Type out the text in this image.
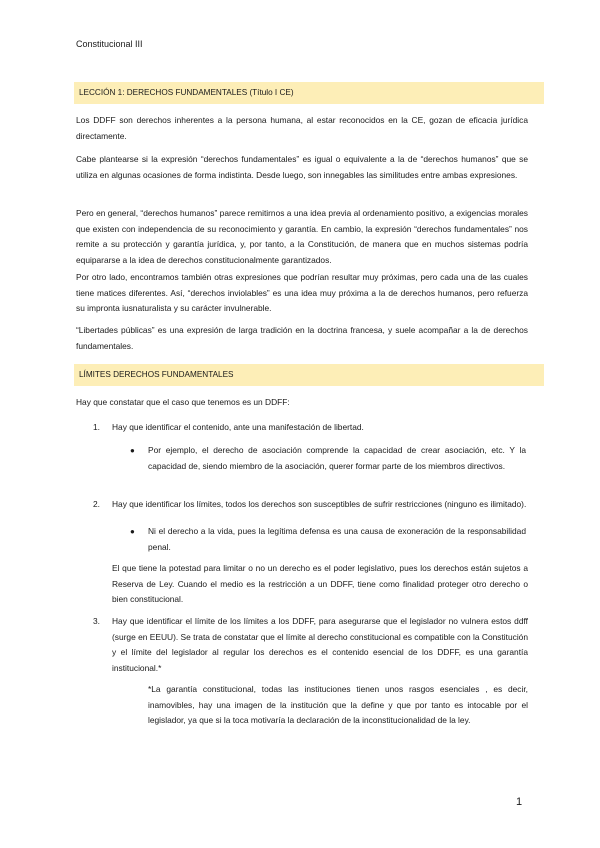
Constitucional III
LECCIÓN 1: DERECHOS FUNDAMENTALES (Título I CE)

Los DDFF son derechos inherentes a la persona humana, al estar reconocidos en la CE, gozan de eficacia jurídica directamente.

Cabe plantearse si la expresión “derechos fundamentales” es igual o equivalente a la de “derechos humanos” que se utiliza en algunas ocasiones de forma indistinta. Desde luego, son innegables las similitudes entre ambas expresiones.

Pero en general, “derechos humanos” parece remitirnos a una idea previa al ordenamiento positivo, a exigencias morales que existen con independencia de su reconocimiento y garantía. En cambio, la expresión “derechos fundamentales” nos remite a su protección y garantía jurídica, y, por tanto, a la Constitución, de manera que en muchos sistemas podría equipararse a la idea de derechos constitucionalmente garantizados.

Por otro lado, encontramos también otras expresiones que podrían resultar muy próximas, pero cada una de las cuales tiene matices diferentes. Así, “derechos inviolables” es una idea muy próxima a la de derechos humanos, pero refuerza su impronta iusnaturalista y su carácter invulnerable.

“Libertades públicas” es una expresión de larga tradición en la doctrina francesa, y suele acompañar a la de derechos fundamentales.

LÍMITES DERECHOS FUNDAMENTALES

Hay que constatar que el caso que tenemos es un DDFF:

1. Hay que identificar el contenido, ante una manifestación de libertad.

● Por ejemplo, el derecho de asociación comprende la capacidad de crear asociación, etc. Y la capacidad de, siendo miembro de la asociación, querer formar parte de los miembros directivos.

2. Hay que identificar los límites, todos los derechos son susceptibles de sufrir restricciones (ninguno es ilimitado).

● Ni el derecho a la vida, pues la legítima defensa es una causa de exoneración de la responsabilidad penal.

El que tiene la potestad para limitar o no un derecho es el poder legislativo, pues los derechos están sujetos a Reserva de Ley. Cuando el medio es la restricción a un DDFF, tiene como finalidad proteger otro derecho o bien constitucional.

3. Hay que identificar el límite de los límites a los DDFF, para asegurarse que el legislador no vulnera estos ddff (surge en EEUU). Se trata de constatar que el límite al derecho constitucional es compatible con la Constitución y el límite del legislador al regular los derechos es el contenido esencial de los DDFF, es una garantía institucional.*

*La garantía constitucional, todas las instituciones tienen unos rasgos esenciales , es decir, inamovibles, hay una imagen de la institución que la define y que por tanto es intocable por el legislador, ya que si la toca motivaría la declaración de la inconstitucionalidad de la ley.

1
